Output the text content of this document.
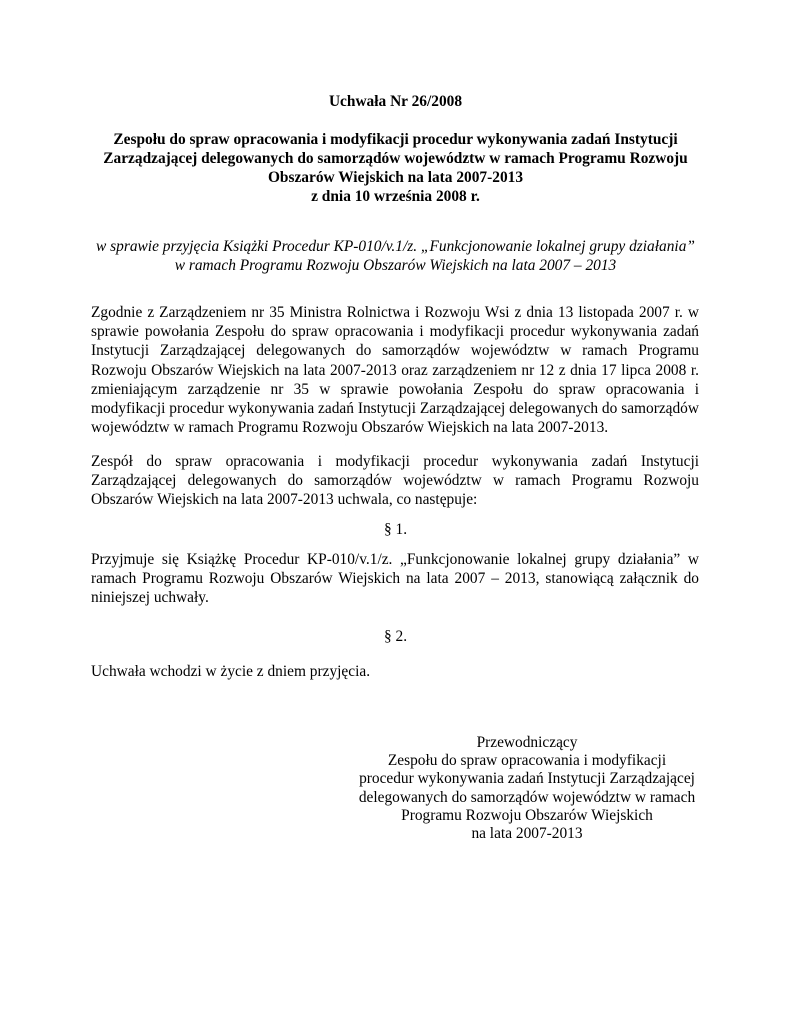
Uchwała Nr 26/2008
Zespołu do spraw opracowania i modyfikacji procedur wykonywania zadań Instytucji
Zarządzającej delegowanych do samorządów województw w ramach Programu Rozwoju
Obszarów Wiejskich na lata 2007-2013
z dnia 10 września 2008 r.
w sprawie przyjęcia Książki Procedur KP-010/v.1/z. „Funkcjonowanie lokalnej grupy działania”
w ramach Programu Rozwoju Obszarów Wiejskich na lata 2007 – 2013
Zgodnie z Zarządzeniem nr 35 Ministra Rolnictwa i Rozwoju Wsi z dnia 13 listopada 2007 r. w sprawie powołania Zespołu do spraw opracowania i modyfikacji procedur wykonywania zadań Instytucji Zarządzającej delegowanych do samorządów województw w ramach Programu Rozwoju Obszarów Wiejskich na lata 2007-2013 oraz zarządzeniem nr 12 z dnia 17 lipca 2008 r. zmieniającym zarządzenie nr 35 w sprawie powołania Zespołu do spraw opracowania i modyfikacji procedur wykonywania zadań Instytucji Zarządzającej delegowanych do samorządów województw w ramach Programu Rozwoju Obszarów Wiejskich na lata 2007-2013.
Zespół do spraw opracowania i modyfikacji procedur wykonywania zadań Instytucji Zarządzającej delegowanych do samorządów województw w ramach Programu Rozwoju Obszarów Wiejskich na lata 2007-2013 uchwala, co następuje:
§ 1.
Przyjmuje się Książkę Procedur KP-010/v.1/z. „Funkcjonowanie lokalnej grupy działania” w ramach Programu Rozwoju Obszarów Wiejskich na lata 2007 – 2013, stanowiącą załącznik do niniejszej uchwały.
§ 2.
Uchwała wchodzi w życie z dniem przyjęcia.
Przewodniczący
Zespołu do spraw opracowania i modyfikacji
procedur wykonywania zadań Instytucji Zarządzającej
delegowanych do samorządów województw w ramach
Programu Rozwoju Obszarów Wiejskich
na lata 2007-2013
